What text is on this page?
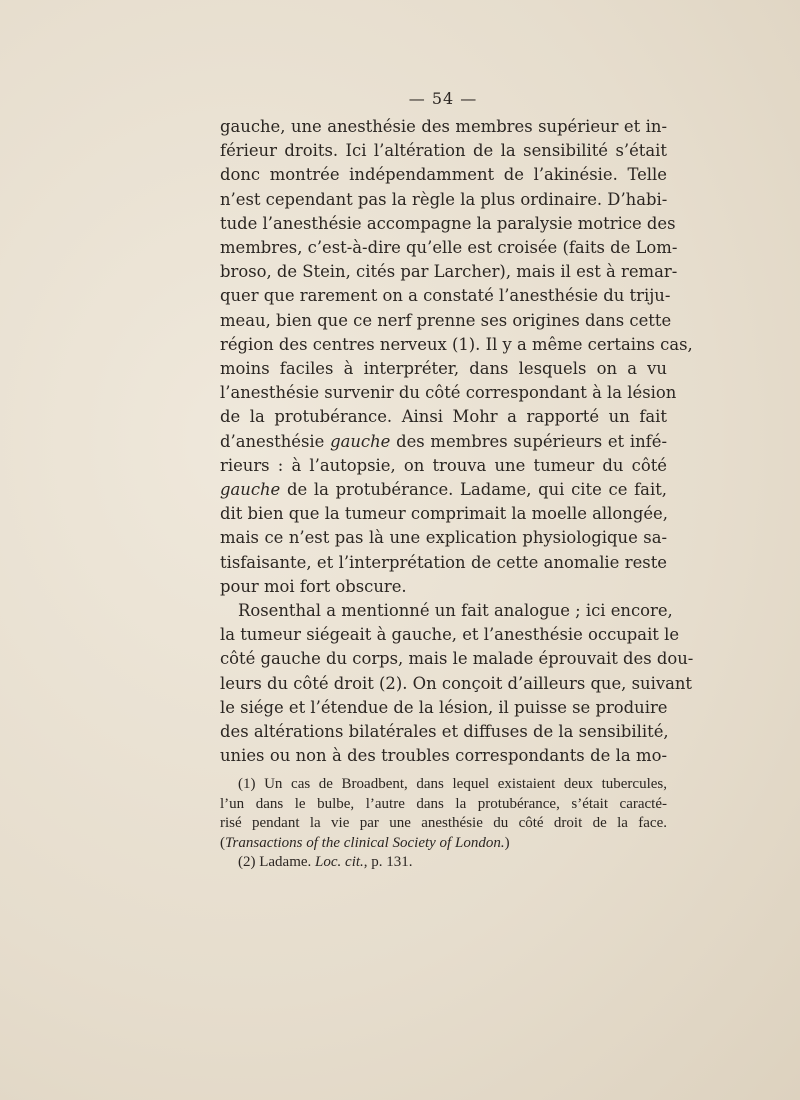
— 54 —
gauche, une anesthésie des membres supérieur et in-
férieur droits. Ici l’altération de la sensibilité s’était
donc montrée indépendamment de l’akinésie. Telle
n’est cependant pas la règle la plus ordinaire. D’habi-
tude l’anesthésie accompagne la paralysie motrice des
membres, c’est-à-dire qu’elle est croisée (faits de Lom-
broso, de Stein, cités par Larcher), mais il est à remar-
quer que rarement on a constaté l’anesthésie du triju-
meau, bien que ce nerf prenne ses origines dans cette
région des centres nerveux (1). Il y a même certains cas,
moins faciles à interpréter, dans lesquels on a vu
l’anesthésie survenir du côté correspondant à la lésion
de la protubérance. Ainsi Mohr a rapporté un fait
d’anesthésie gauche des membres supérieurs et infé-
rieurs : à l’autopsie, on trouva une tumeur du côté
gauche de la protubérance. Ladame, qui cite ce fait,
dit bien que la tumeur comprimait la moelle allongée,
mais ce n’est pas là une explication physiologique sa-
tisfaisante, et l’interprétation de cette anomalie reste
pour moi fort obscure.
Rosenthal a mentionné un fait analogue ; ici encore,
la tumeur siégeait à gauche, et l’anesthésie occupait le
côté gauche du corps, mais le malade éprouvait des dou-
leurs du côté droit (2). On conçoit d’ailleurs que, suivant
le siége et l’étendue de la lésion, il puisse se produire
des altérations bilatérales et diffuses de la sensibilité,
unies ou non à des troubles correspondants de la mo-
(1) Un cas de Broadbent, dans lequel existaient deux tubercules,
l’un dans le bulbe, l’autre dans la protubérance, s’était caracté-
risé pendant la vie par une anesthésie du côté droit de la face.
(Transactions of the clinical Society of London.)
(2) Ladame. Loc. cit., p. 131.
